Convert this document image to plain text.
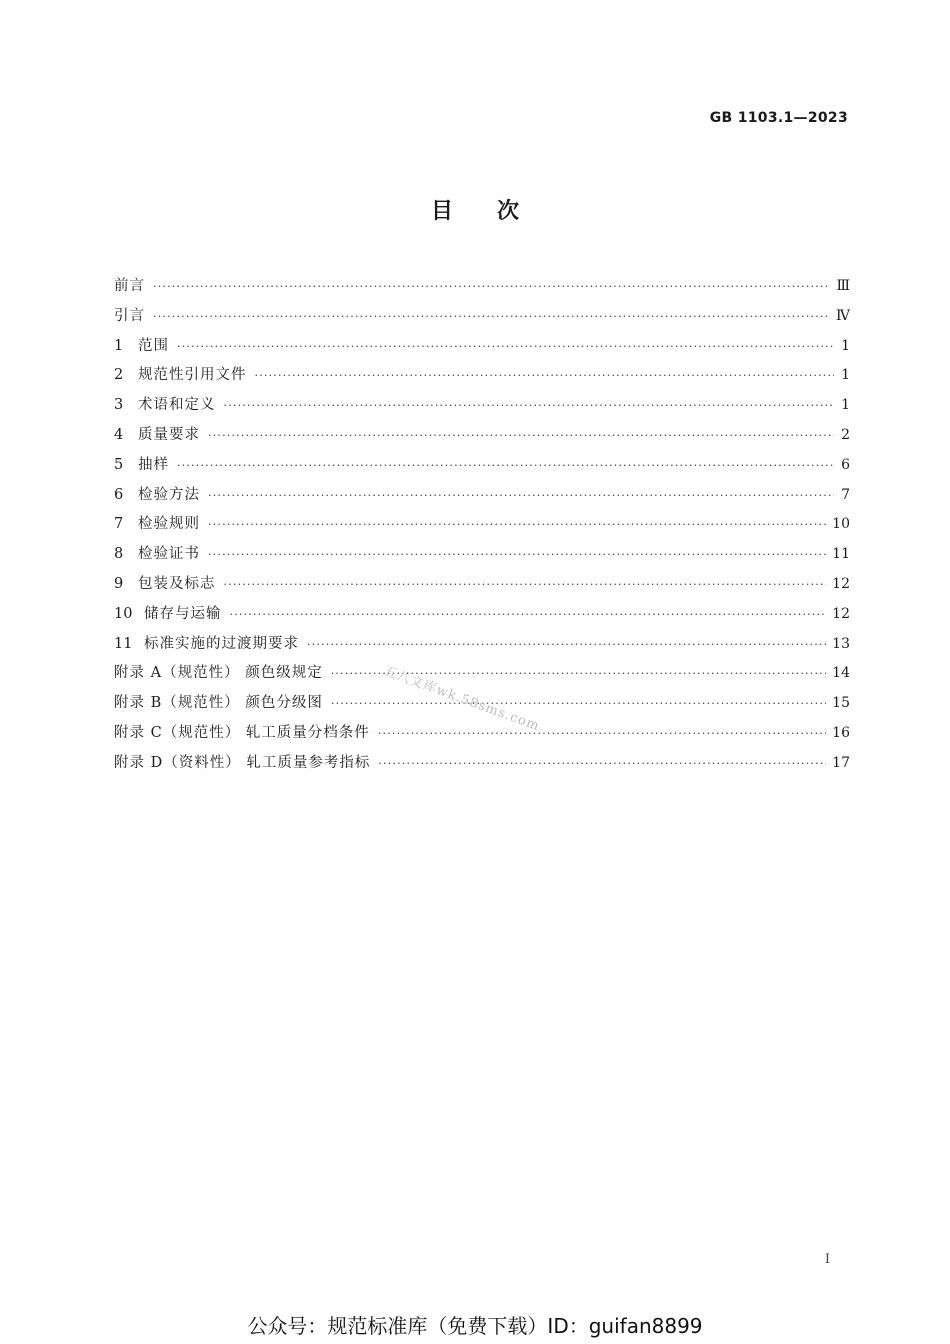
GB 1103.1—2023
目次
前言 ·····	Ⅲ
引言 ·····	Ⅳ
1	范围 ·····	1
2	规范性引用文件 ·····	1
3	术语和定义 ·····	1
4	质量要求 ·····	2
5	抽样 ·····	6
6	检验方法 ·····	7
7	检验规则 ·····	10
8	检验证书 ·····	11
9	包装及标志 ·····	12
10 储存与运输 ·····	12
11 标准实施的过渡期要求 ·····	13
附录 A（规范性） 颜色级规定 ·····	14
附录 B（规范性） 颜色分级图 ·····	15
附录 C（规范性） 轧工质量分档条件 ·····	16
附录 D（资料性） 轧工质量参考指标 ·····	17
五八文库wk.58sms.com
I
公众号：规范标准库（免费下载）ID：guifan8899
